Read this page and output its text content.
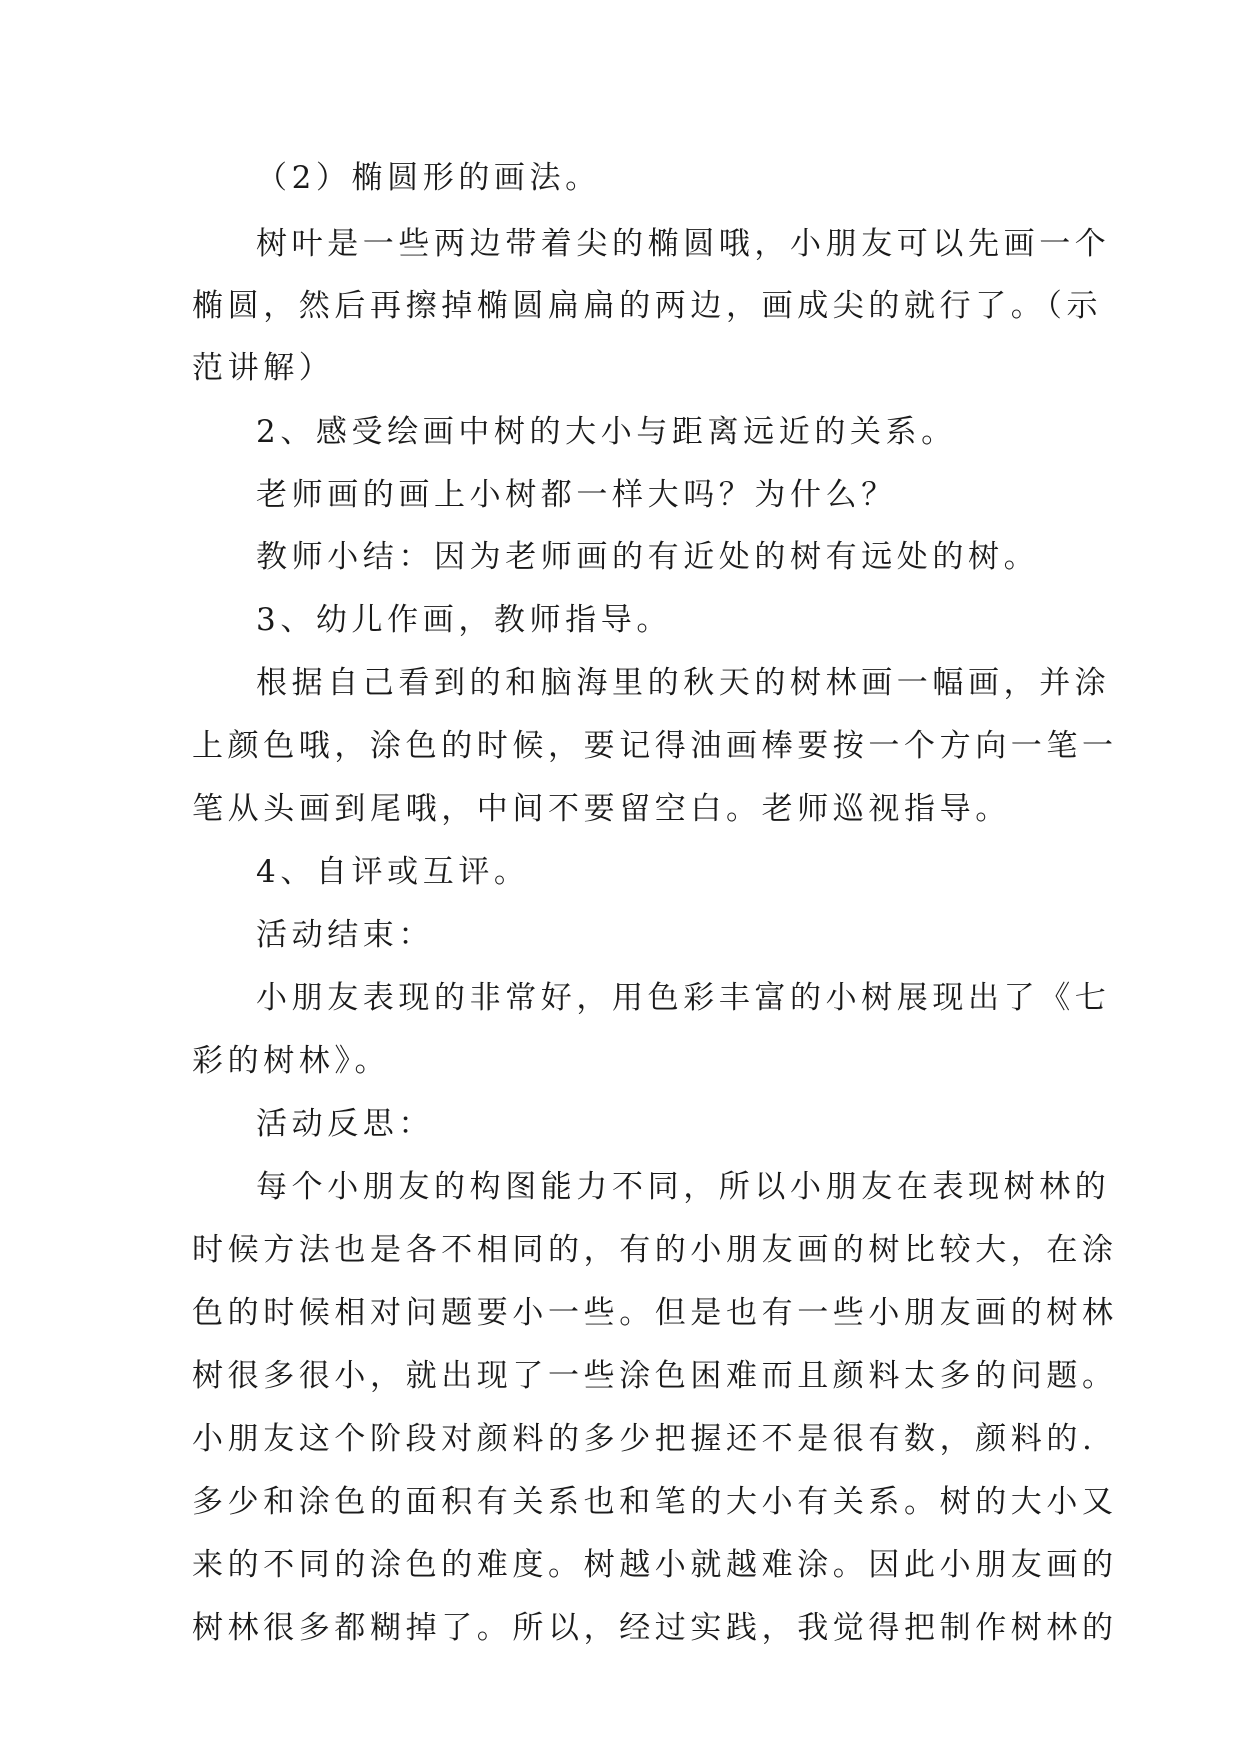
（2）椭圆形的画法。
树叶是一些两边带着尖的椭圆哦，小朋友可以先画一个
椭圆，然后再擦掉椭圆扁扁的两边，画成尖的就行了。（示
范讲解）
2、感受绘画中树的大小与距离远近的关系。
老师画的画上小树都一样大吗？为什么？
教师小结：因为老师画的有近处的树有远处的树。
3、幼儿作画，教师指导。
根据自己看到的和脑海里的秋天的树林画一幅画，并涂
上颜色哦，涂色的时候，要记得油画棒要按一个方向一笔一
笔从头画到尾哦，中间不要留空白。老师巡视指导。
4、自评或互评。
活动结束：
小朋友表现的非常好，用色彩丰富的小树展现出了《七
彩的树林》。
活动反思：
每个小朋友的构图能力不同，所以小朋友在表现树林的
时候方法也是各不相同的，有的小朋友画的树比较大，在涂
色的时候相对问题要小一些。但是也有一些小朋友画的树林
树很多很小，就出现了一些涂色困难而且颜料太多的问题。
小朋友这个阶段对颜料的多少把握还不是很有数，颜料的.
多少和涂色的面积有关系也和笔的大小有关系。树的大小又
来的不同的涂色的难度。树越小就越难涂。因此小朋友画的
树林很多都糊掉了。所以，经过实践，我觉得把制作树林的
